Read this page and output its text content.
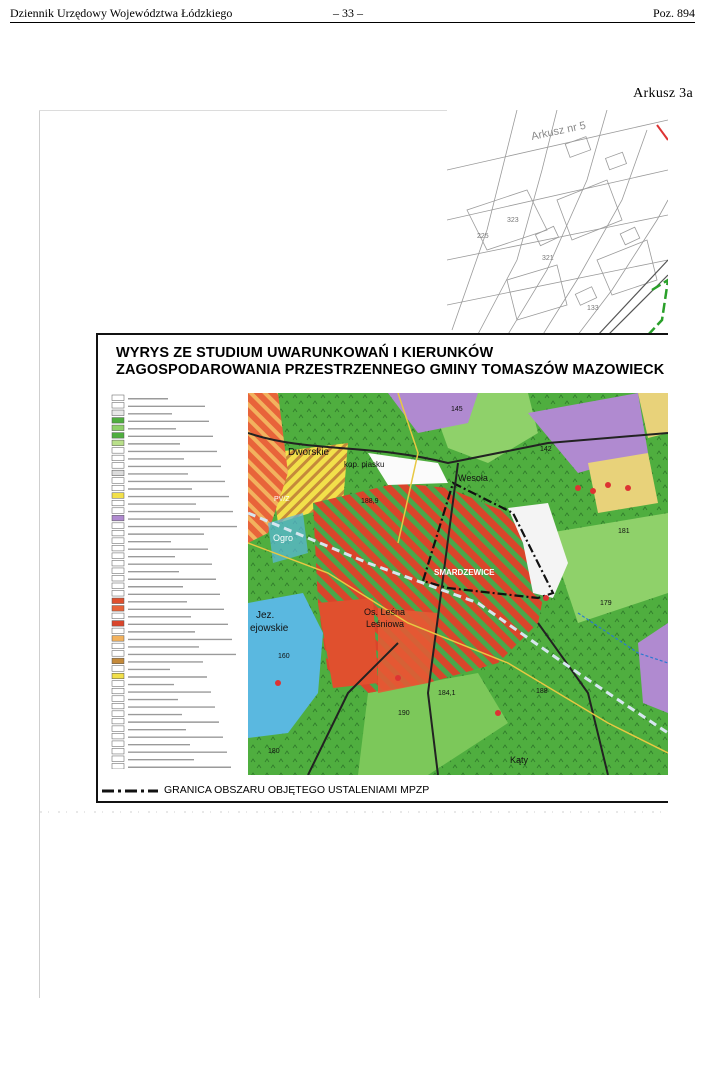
Dziennik Urzędowy Województwa Łódzkiego	– 33 –	Poz. 894
Arkusz 3a
Arkusz nr 5
225
323
321
133
WYRYS ZE STUDIUM UWARUNKOWAŃ I KIERUNKÓW
ZAGOSPODAROWANIA PRZESTRZENNEGO GMINY TOMASZÓW MAZOWIECK
Dworskie
kop. piasku
Wesoła
SMARDZEWICE
Os. Leśna
Leśniowa
Ogro
Jez.
ejowskie
Kąty
PV/Z
145
142
188,9
181
179
184,1	188
190
160
180
GRANICA OBSZARU OBJĘTEGO USTALENIAMI MPZP
